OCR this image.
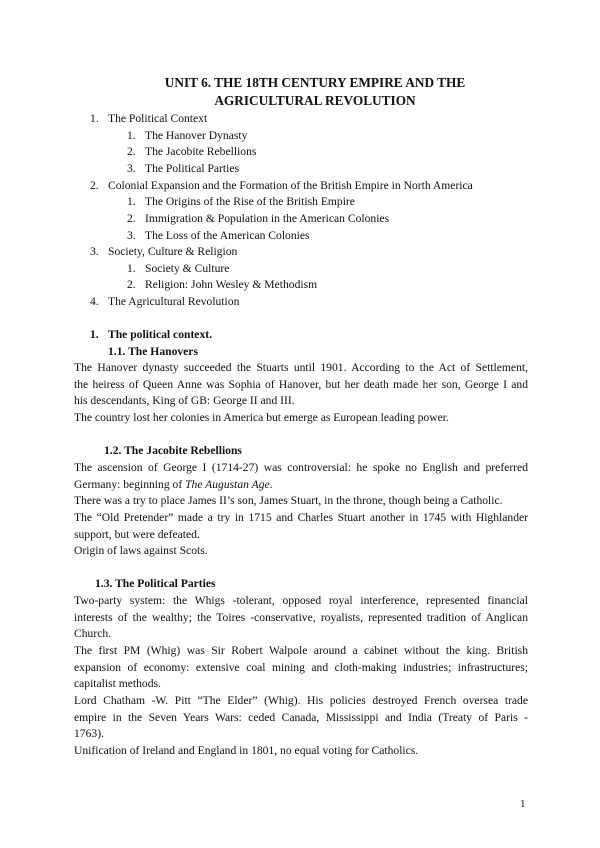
UNIT 6. THE 18TH CENTURY EMPIRE AND THE
AGRICULTURAL REVOLUTION
1. The Political Context
1. The Hanover Dynasty
2. The Jacobite Rebellions
3. The Political Parties
2. Colonial Expansion and the Formation of the British Empire in North America
1. The Origins of the Rise of the British Empire
2. Immigration & Population in the American Colonies
3. The Loss of the American Colonies
3. Society, Culture & Religion
1. Society & Culture
2. Religion: John Wesley & Methodism
4. The Agricultural Revolution
1. The political context.
1.1. The Hanovers
The Hanover dynasty succeeded the Stuarts until 1901. According to the Act of Settlement,
the heiress of Queen Anne was Sophia of Hanover, but her death made her son, George I and
his descendants, King of GB: George II and III.
The country lost her colonies in America but emerge as European leading power.
1.2. The Jacobite Rebellions
The ascension of George I (1714-27) was controversial: he spoke no English and preferred
Germany: beginning of The Augustan Age.
There was a try to place James II’s son, James Stuart, in the throne, though being a Catholic.
The “Old Pretender” made a try in 1715 and Charles Stuart another in 1745 with Highlander
support, but were defeated.
Origin of laws against Scots.
1.3. The Political Parties
Two-party system: the Whigs -tolerant, opposed royal interference, represented financial
interests of the wealthy; the Toires -conservative, royalists, represented tradition of Anglican
Church.
The first PM (Whig) was Sir Robert Walpole around a cabinet without the king. British
expansion of economy: extensive coal mining and cloth-making industries; infrastructures;
capitalist methods.
Lord Chatham -W. Pitt “The Elder” (Whig). His policies destroyed French oversea trade
empire in the Seven Years Wars: ceded Canada, Mississippi and India (Treaty of Paris -
1763).
Unification of Ireland and England in 1801, no equal voting for Catholics.
1
